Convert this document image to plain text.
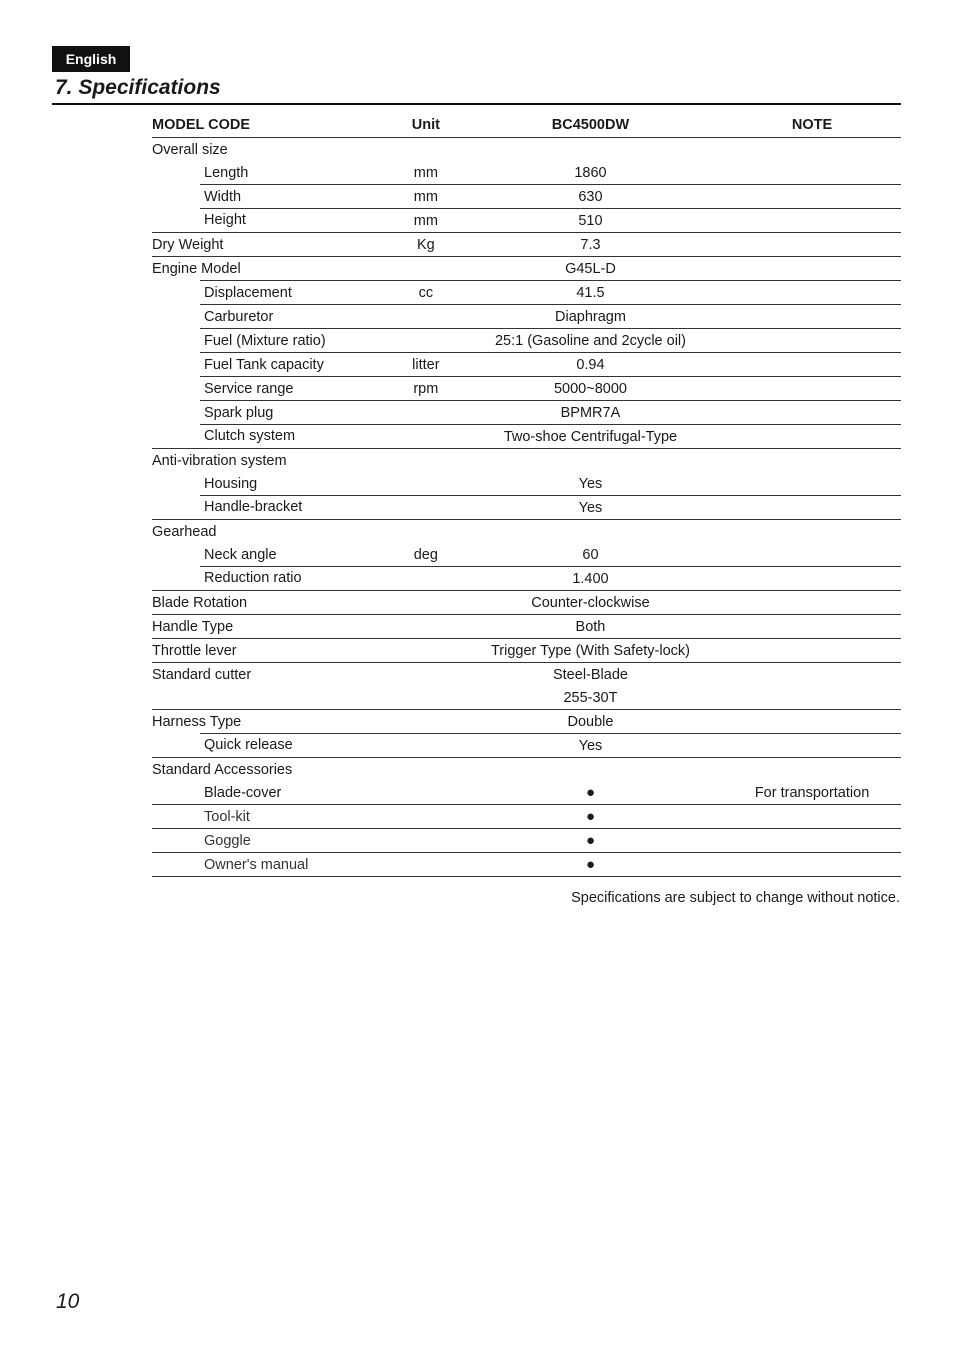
English
7. Specifications
MODEL CODE	Unit	BC4500DW	NOTE
Overall size			
Length	mm	1860	
Width	mm	630	
Height	mm	510	
Dry Weight	Kg	7.3	
Engine Model		G45L-D	
Displacement	cc	41.5	
Carburetor		Diaphragm	
Fuel (Mixture ratio)		25:1 (Gasoline and 2cycle oil)	
Fuel Tank capacity	litter	0.94	
Service range	rpm	5000~8000	
Spark plug		BPMR7A	
Clutch system		Two-shoe Centrifugal-Type	
Anti-vibration system			
Housing		Yes	
Handle-bracket		Yes	
Gearhead			
Neck angle	deg	60	
Reduction ratio		1.400	
Blade Rotation		Counter-clockwise	
Handle Type		Both	
Throttle lever		Trigger Type (With Safety-lock)	
Standard cutter		Steel-Blade	
		255-30T	
Harness Type		Double	
Quick release		Yes	
Standard Accessories			
Blade-cover		●	For transportation
Tool-kit		●	
Goggle		●	
Owner's manual		●	
Specifications are subject to change without notice.
10
